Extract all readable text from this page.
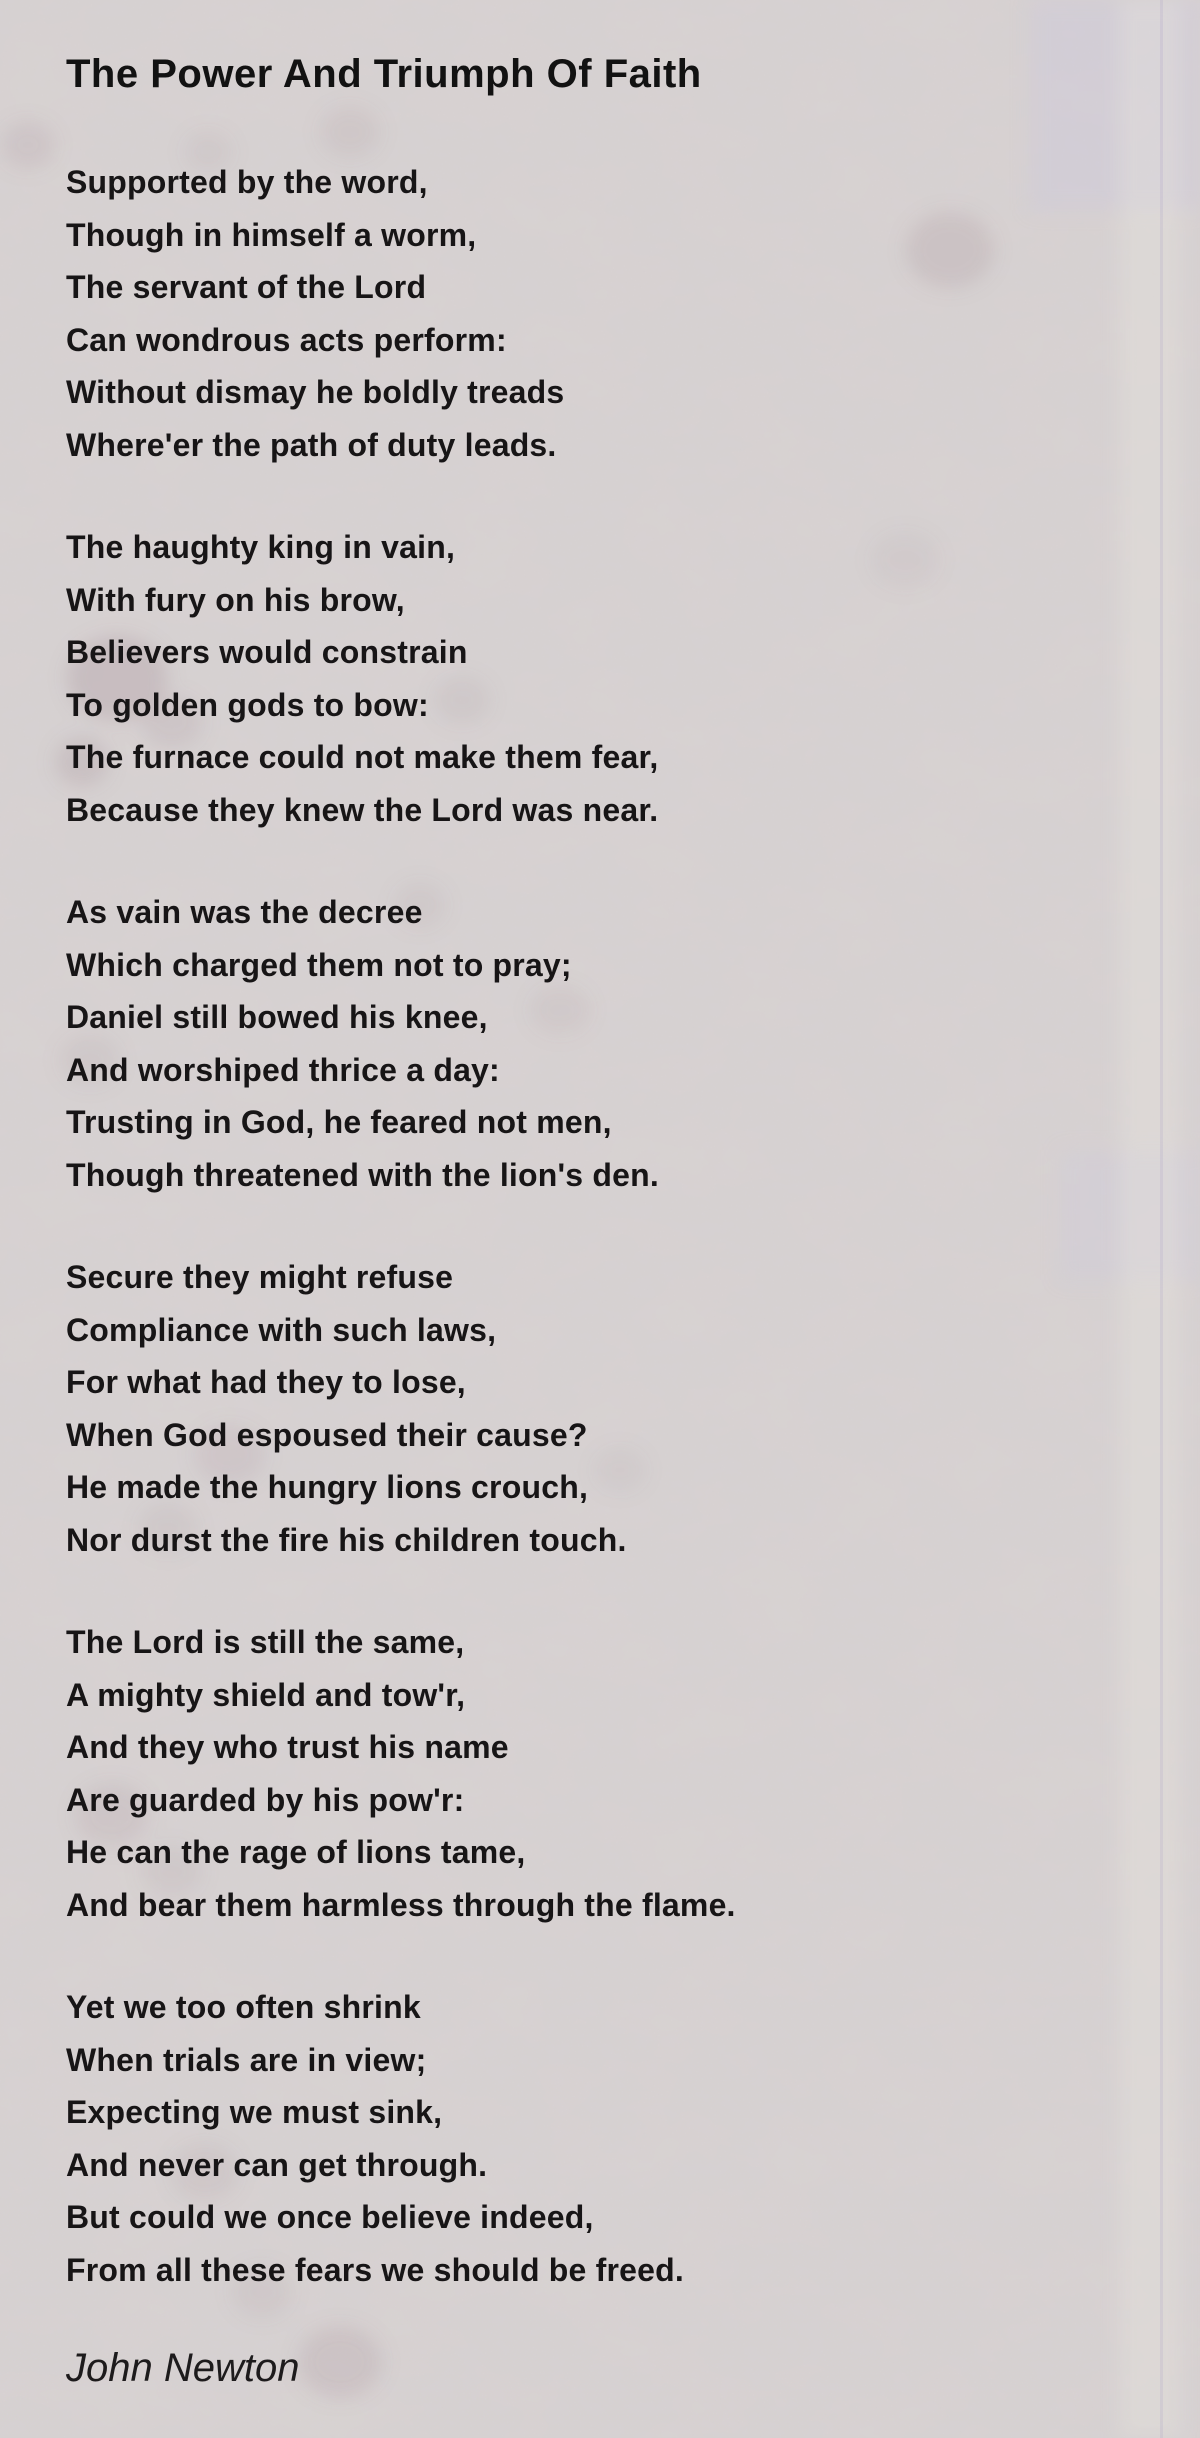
The Power And Triumph Of Faith
Supported by the word,
Though in himself a worm,
The servant of the Lord
Can wondrous acts perform:
Without dismay he boldly treads
Where'er the path of duty leads.
The haughty king in vain,
With fury on his brow,
Believers would constrain
To golden gods to bow:
The furnace could not make them fear,
Because they knew the Lord was near.
As vain was the decree
Which charged them not to pray;
Daniel still bowed his knee,
And worshiped thrice a day:
Trusting in God, he feared not men,
Though threatened with the lion's den.
Secure they might refuse
Compliance with such laws,
For what had they to lose,
When God espoused their cause?
He made the hungry lions crouch,
Nor durst the fire his children touch.
The Lord is still the same,
A mighty shield and tow'r,
And they who trust his name
Are guarded by his pow'r:
He can the rage of lions tame,
And bear them harmless through the flame.
Yet we too often shrink
When trials are in view;
Expecting we must sink,
And never can get through.
But could we once believe indeed,
From all these fears we should be freed.
John Newton
